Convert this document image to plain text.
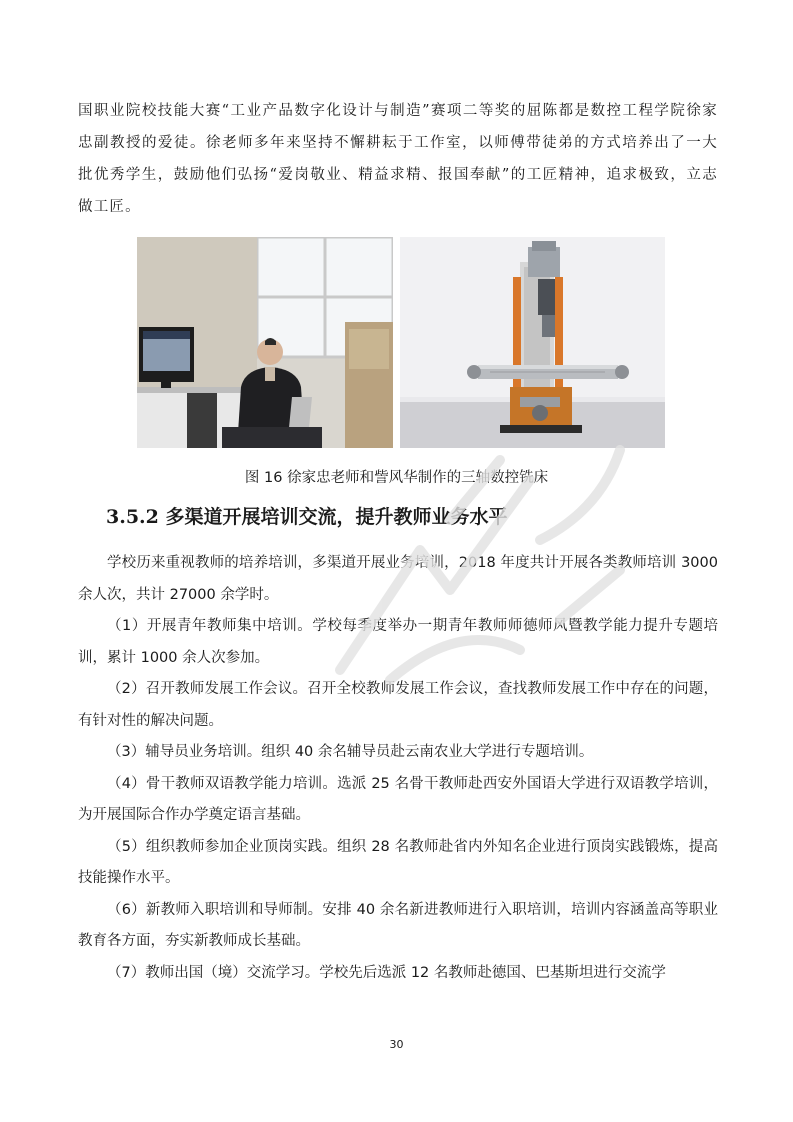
国职业院校技能大赛“工业产品数字化设计与制造”赛项二等奖的屈陈都是数控工程学院徐家忠副教授的爱徒。徐老师多年来坚持不懈耕耘于工作室，以师傅带徒弟的方式培养出了一大批优秀学生，鼓励他们弘扬“爱岗敬业、精益求精、报国奉献”的工匠精神，追求极致，立志做工匠。

图 16 徐家忠老师和訾风华制作的三轴数控铣床

3.5.2 多渠道开展培训交流，提升教师业务水平

学校历来重视教师的培养培训，多渠道开展业务培训，2018 年度共计开展各类教师培训 3000 余人次，共计 27000 余学时。

（1）开展青年教师集中培训。学校每季度举办一期青年教师师德师风暨教学能力提升专题培训，累计 1000 余人次参加。

（2）召开教师发展工作会议。召开全校教师发展工作会议，查找教师发展工作中存在的问题，有针对性的解决问题。

（3）辅导员业务培训。组织 40 余名辅导员赴云南农业大学进行专题培训。

（4）骨干教师双语教学能力培训。选派 25 名骨干教师赴西安外国语大学进行双语教学培训，为开展国际合作办学奠定语言基础。

（5）组织教师参加企业顶岗实践。组织 28 名教师赴省内外知名企业进行顶岗实践锻炼，提高技能操作水平。

（6）新教师入职培训和导师制。安排 40 余名新进教师进行入职培训，培训内容涵盖高等职业教育各方面，夯实新教师成长基础。

（7）教师出国（境）交流学习。学校先后选派 12 名教师赴德国、巴基斯坦进行交流学

30
